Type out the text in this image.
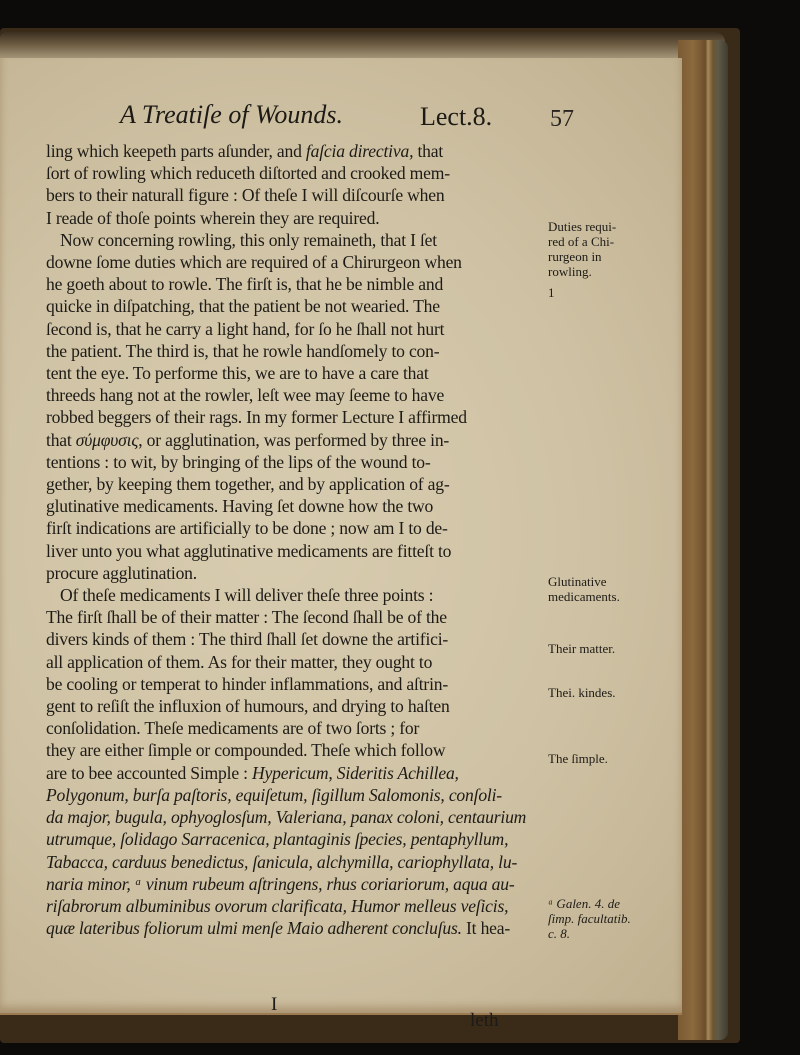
A Treatiſe of Wounds.	Lect.8. 57
ling which keepeth parts aſunder, and faſcia directiva, that
ſort of rowling which reduceth diſtorted and crooked mem-
bers to their naturall figure : Of theſe I will diſcourſe when
I reade of thoſe points wherein they are required.
Now concerning rowling, this only remaineth, that I ſet
downe ſome duties which are required of a Chirurgeon when
he goeth about to rowle. The firſt is, that he be nimble and
quicke in diſpatching, that the patient be not wearied. The
ſecond is, that he carry a light hand, for ſo he ſhall not hurt
the patient. The third is, that he rowle handſomely to con-
tent the eye. To performe this, we are to have a care that
threeds hang not at the rowler, leſt wee may ſeeme to have
robbed beggers of their rags. In my former Lecture I affirmed
that σύμφυσις, or agglutination, was performed by three in-
tentions : to wit, by bringing of the lips of the wound to-
gether, by keeping them together, and by application of ag-
glutinative medicaments. Having ſet downe how the two
firſt indications are artificially to be done ; now am I to de-
liver unto you what agglutinative medicaments are fitteſt to
procure agglutination.
Of theſe medicaments I will deliver theſe three points :
The firſt ſhall be of their matter : The ſecond ſhall be of the
divers kinds of them : The third ſhall ſet downe the artifici-
all application of them. As for their matter, they ought to
be cooling or temperat to hinder inflammations, and aſtrin-
gent to reſiſt the influxion of humours, and drying to haſten
conſolidation. Theſe medicaments are of two ſorts ; for
they are either ſimple or compounded. Theſe which follow
are to bee accounted Simple : Hypericum, Sideritis Achillea,
Polygonum, burſa paſtoris, equiſetum, ſigillum Salomonis, conſoli-
da major, bugula, ophyoglosſum, Valeriana, panax coloni, centaurium
utrumque, ſolidago Sarracenica, plantaginis ſpecies, pentaphyllum,
Tabacca, carduus benedictus, ſanicula, alchymilla, cariophyllata, lu-
naria minor, ᵃ vinum rubeum aſtringens, rhus coriariorum, aqua au-
riſabrorum albuminibus ovorum clarificata, Humor melleus veſicis,
quæ lateribus foliorum ulmi menſe Maio adherent concluſus. It hea-
Duties requi-
red of a Chi-
rurgeon in
rowling.
1
Glutinative
medicaments.
Their matter.
Thei. kindes.
The ſimple.
ᵃ Galen. 4. de
ſimp. facultatib.
c. 8.
I
leth
